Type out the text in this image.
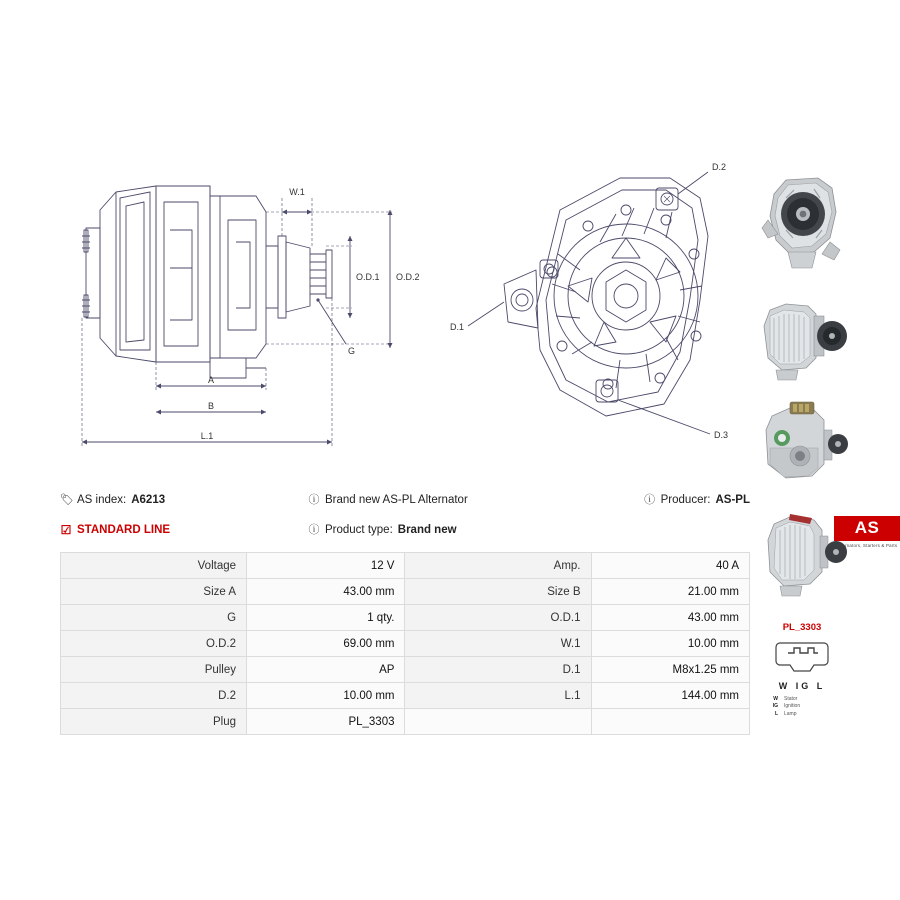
W.1
O.D.1 O.D.2
G
A
B
L.1
D.2
D.1
D.3
🏷 AS index: A6213	ⓘ Brand new AS-PL Alternator	ⓘ Producer: AS-PL
☑ STANDARD LINE	ⓘ Product type: Brand new	AS
Alternators, Starters & Parts
Voltage	12 V	Amp.	40 A
Size A	43.00 mm	Size B	21.00 mm
G	1 qty.	O.D.1	43.00 mm
O.D.2	69.00 mm	W.1	10.00 mm
Pulley	AP	D.1	M8x1.25 mm
D.2	10.00 mm	L.1	144.00 mm
Plug	PL_3303		
PL_3303
W IG L
W Stator
IG Ignition
L Lamp
